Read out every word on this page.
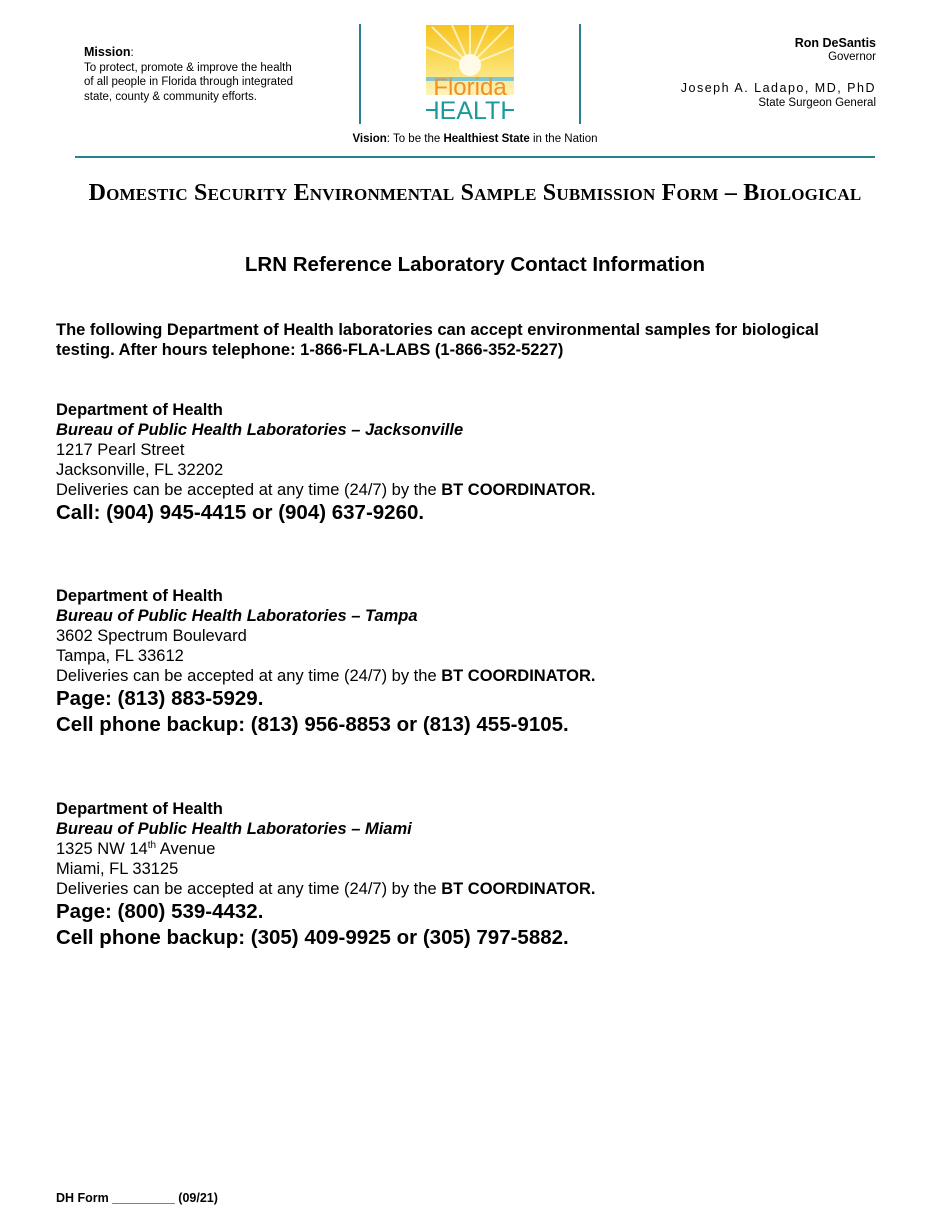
Mission:
To protect, promote & improve the health of all people in Florida through integrated state, county & community efforts.	Florida
HEALTH
Vision: To be the Healthiest State in the Nation
Ron DeSantis
Governor
Joseph A. Ladapo, MD, PhD
State Surgeon General
Domestic Security Environmental Sample Submission Form – Biological
LRN Reference Laboratory Contact Information
The following Department of Health laboratories can accept environmental samples for biological testing. After hours telephone: 1-866-FLA-LABS (1-866-352-5227)
Department of Health
Bureau of Public Health Laboratories – Jacksonville
1217 Pearl Street
Jacksonville, FL 32202
Deliveries can be accepted at any time (24/7) by the BT COORDINATOR.
Call: (904) 945-4415 or (904) 637-9260.
Department of Health
Bureau of Public Health Laboratories – Tampa
3602 Spectrum Boulevard
Tampa, FL 33612
Deliveries can be accepted at any time (24/7) by the BT COORDINATOR.
Page: (813) 883-5929.
Cell phone backup: (813) 956-8853 or (813) 455-9105.
Department of Health
Bureau of Public Health Laboratories – Miami
1325 NW 14th Avenue
Miami, FL 33125
Deliveries can be accepted at any time (24/7) by the BT COORDINATOR.
Page: (800) 539-4432.
Cell phone backup: (305) 409-9925 or (305) 797-5882.
DH Form _________ (09/21)
